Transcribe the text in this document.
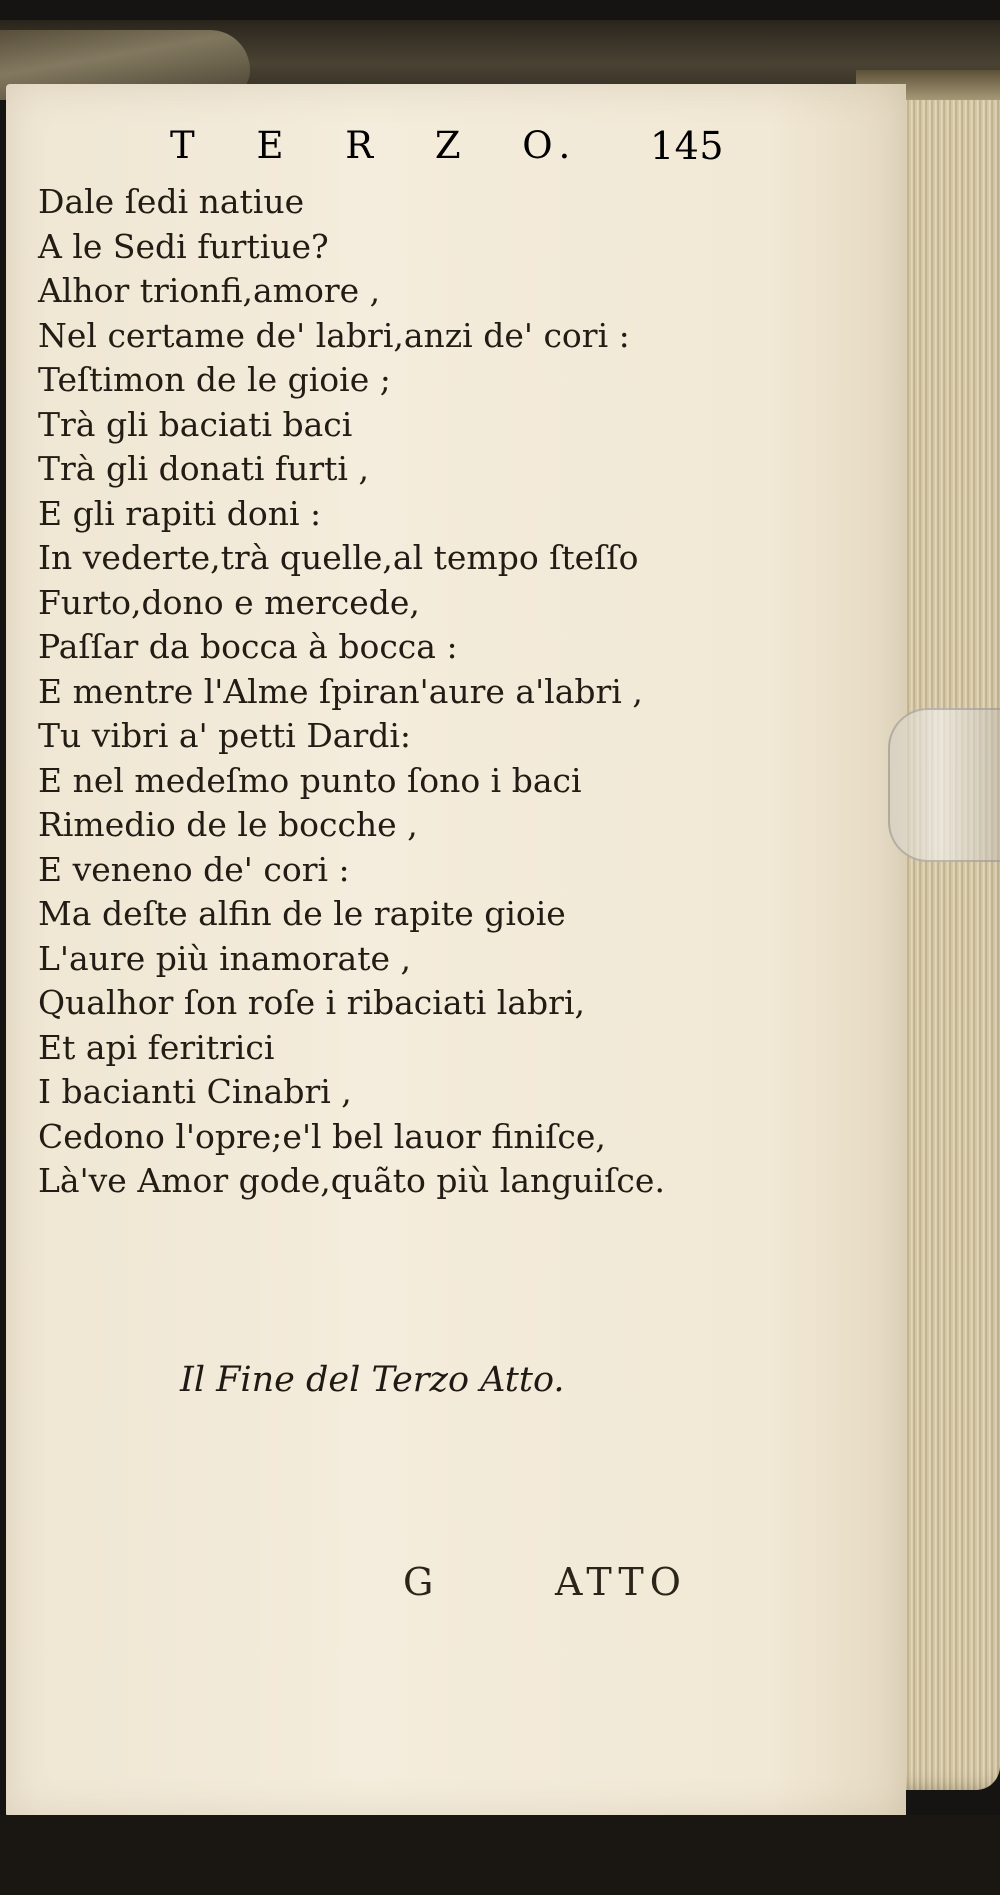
T E R Z O. 145
Dale ſedi natiue
A le Sedi furtiue?
Alhor trionfi,amore ,
Nel certame de' labri,anzi de' cori :
Teſtimon de le gioie ;
Trà gli baciati baci
Trà gli donati furti ,
E gli rapiti doni :
In vederte,trà quelle,al tempo ſteſſo
Furto,dono e mercede,
Paſſar da bocca à bocca :
E mentre l'Alme ſpiran'aure a'labri ,
Tu vibri a' petti Dardi:
E nel medeſmo punto ſono i baci
Rimedio de le bocche ,
E veneno de' cori :
Ma deſte alfin de le rapite gioie
L'aure più inamorate ,
Qualhor ſon roſe i ribaciati labri,
Et api feritrici
I bacianti Cinabri ,
Cedono l'opre;e'l bel lauor finiſce,
Là've Amor gode,quãto più languiſce.
Il Fine del Terzo Atto.
G	ATTO
